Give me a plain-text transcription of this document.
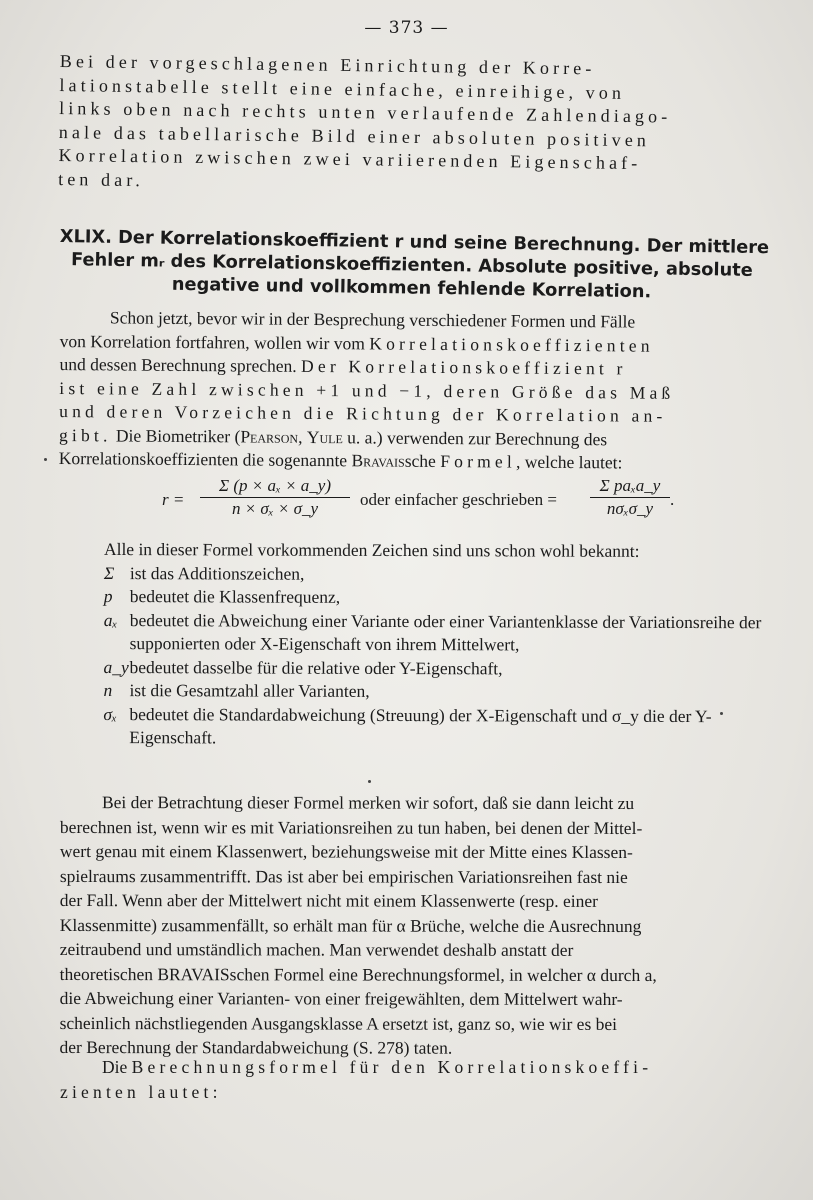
— 373 —
Bei der vorgeschlagenen Einrichtung der Korre-
lationstabelle stellt eine einfache, einreihige, von
links oben nach rechts unten verlaufende Zahlendiago-
nale das tabellarische Bild einer absoluten positiven
Korrelation zwischen zwei variierenden Eigenschaf-
ten dar.
XLIX. Der Korrelationskoeffizient r und seine Berechnung. Der mittlere
Fehler mᵣ des Korrelationskoeffizienten. Absolute positive, absolute
negative und vollkommen fehlende Korrelation.
Schon jetzt, bevor wir in der Besprechung verschiedener Formen und Fälle
von Korrelation fortfahren, wollen wir vom Korrelationskoeffizienten
und dessen Berechnung sprechen. Der Korrelationskoeffizient r
ist eine Zahl zwischen +1 und −1, deren Größe das Maß
und deren Vorzeichen die Richtung der Korrelation an-
gibt. Die Biometriker (Pearson, Yule u. a.) verwenden zur Berechnung des
Korrelationskoeffizienten die sogenannte Bravaissche Formel, welche lautet:
r =
Σ (p × aₓ × a_y)
n × σₓ × σ_y	oder einfacher geschrieben =
Σ paₓa_y
nσₓσ_y .
Alle in dieser Formel vorkommenden Zeichen sind uns schon wohl bekannt:
Σ ist das Additionszeichen,
p bedeutet die Klassenfrequenz,
aₓ bedeutet die Abweichung einer Variante oder einer Variantenklasse der Variationsreihe der supponierten oder X-Eigenschaft von ihrem Mittelwert,
a_y bedeutet dasselbe für die relative oder Y-Eigenschaft,
n ist die Gesamtzahl aller Varianten,
σₓ bedeutet die Standardabweichung (Streuung) der X-Eigenschaft und σ_y die der Y-Eigenschaft.
Bei der Betrachtung dieser Formel merken wir sofort, daß sie dann leicht zu
berechnen ist, wenn wir es mit Variationsreihen zu tun haben, bei denen der Mittel-
wert genau mit einem Klassenwert, beziehungsweise mit der Mitte eines Klassen-
spielraums zusammentrifft. Das ist aber bei empirischen Variationsreihen fast nie
der Fall. Wenn aber der Mittelwert nicht mit einem Klassenwerte (resp. einer
Klassenmitte) zusammenfällt, so erhält man für α Brüche, welche die Ausrechnung
zeitraubend und umständlich machen. Man verwendet deshalb anstatt der
theoretischen BRAVAISschen Formel eine Berechnungsformel, in welcher α durch a,
die Abweichung einer Varianten- von einer freigewählten, dem Mittelwert wahr-
scheinlich nächstliegenden Ausgangsklasse A ersetzt ist, ganz so, wie wir es bei
der Berechnung der Standardabweichung (S. 278) taten.
Die Berechnungsformel für den Korrelationskoeffi-
zienten lautet:
